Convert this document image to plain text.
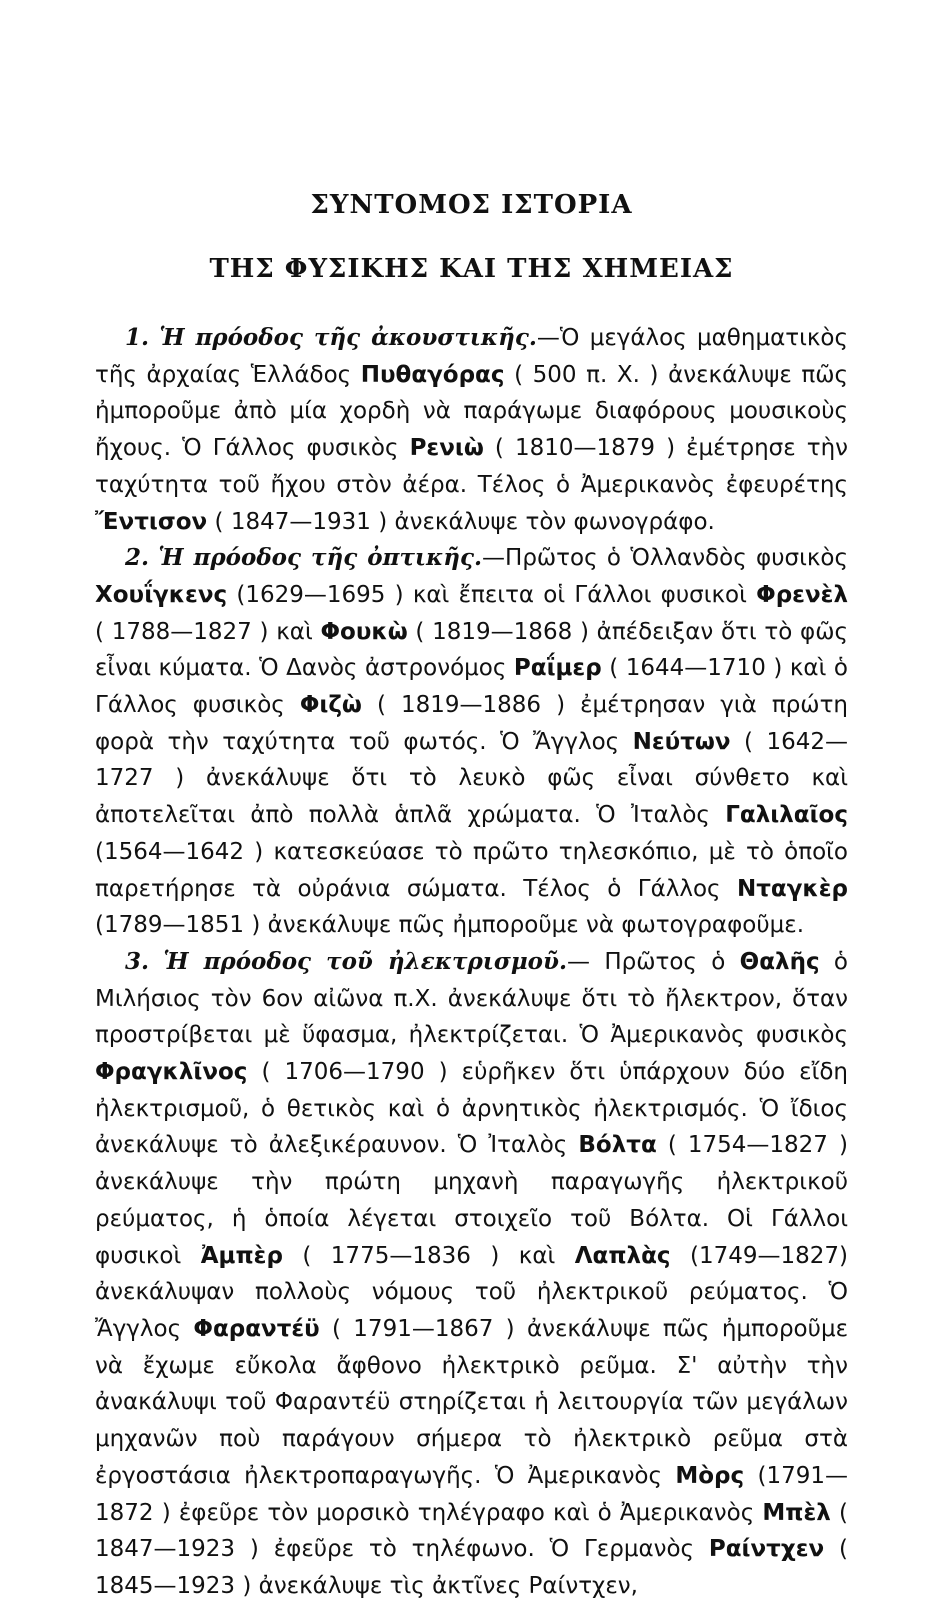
ΣΥΝΤΟΜΟΣ ΙΣΤΟΡΙΑ
ΤΗΣ ΦΥΣΙΚΗΣ ΚΑΙ ΤΗΣ ΧΗΜΕΙΑΣ

1. Ἡ πρόοδος τῆς ἀκουστικῆς.—Ὁ μεγάλος μαθηματικὸς τῆς ἀρχαίας Ἑλλάδος Πυθαγόρας ( 500 π. Χ. ) ἀνεκάλυψε πῶς ἠμποροῦμε ἀπὸ μία χορδὴ νὰ παράγωμε διαφόρους μουσικοὺς ἤχους. Ὁ Γάλλος φυσικὸς Ρενιὼ ( 1810—1879 ) ἐμέτρησε τὴν ταχύτητα τοῦ ἤχου στὸν ἀέρα. Τέλος ὁ Ἀμερικανὸς ἐφευρέτης Ἔντισον ( 1847—1931 ) ἀνεκάλυψε τὸν φωνογράφο.

2. Ἡ πρόοδος τῆς ὀπτικῆς.—Πρῶτος ὁ Ὁλλανδὸς φυσικὸς Χουΐγκενς (1629—1695 ) καὶ ἔπειτα οἱ Γάλλοι φυσικοὶ Φρενὲλ ( 1788—1827 ) καὶ Φουκὼ ( 1819—1868 ) ἀπέδειξαν ὅτι τὸ φῶς εἶναι κύματα. Ὁ Δανὸς ἀστρονόμος Ραΐμερ ( 1644—1710 ) καὶ ὁ Γάλλος φυσικὸς Φιζὼ ( 1819—1886 ) ἐμέτρησαν γιὰ πρώτη φορὰ τὴν ταχύτητα τοῦ φωτός. Ὁ Ἄγγλος Νεύτων ( 1642—1727 ) ἀνεκάλυψε ὅτι τὸ λευκὸ φῶς εἶναι σύνθετο καὶ ἀποτελεῖται ἀπὸ πολλὰ ἁπλᾶ χρώματα. Ὁ Ἰταλὸς Γαλιλαῖος (1564—1642 ) κατεσκεύασε τὸ πρῶτο τηλεσκόπιο, μὲ τὸ ὁποῖο παρετήρησε τὰ οὐράνια σώματα. Τέλος ὁ Γάλλος Νταγκὲρ (1789—1851 ) ἀνεκάλυψε πῶς ἠμποροῦμε νὰ φωτογραφοῦμε.

3. Ἡ πρόοδος τοῦ ἠλεκτρισμοῦ.— Πρῶτος ὁ Θαλῆς ὁ Μιλήσιος τὸν 6ον αἰῶνα π.Χ. ἀνεκάλυψε ὅτι τὸ ἤλεκτρον, ὅταν προστρίβεται μὲ ὕφασμα, ἠλεκτρίζεται. Ὁ Ἀμερικανὸς φυσικὸς Φραγκλῖνος ( 1706—1790 ) εὑρῆκεν ὅτι ὑπάρχουν δύο εἴδη ἠλεκτρισμοῦ, ὁ θετικὸς καὶ ὁ ἀρνητικὸς ἠλεκτρισμός. Ὁ ἴδιος ἀνεκάλυψε τὸ ἀλεξικέραυνον. Ὁ Ἰταλὸς Βόλτα ( 1754—1827 ) ἀνεκάλυψε τὴν πρώτη μηχανὴ παραγωγῆς ἠλεκτρικοῦ ρεύματος, ἡ ὁποία λέγεται στοιχεῖο τοῦ Βόλτα. Οἱ Γάλλοι φυσικοὶ Ἀμπὲρ ( 1775—1836 ) καὶ Λαπλὰς (1749—1827) ἀνεκάλυψαν πολλοὺς νόμους τοῦ ἠλεκτρικοῦ ρεύματος. Ὁ Ἄγγλος Φαραντέϋ ( 1791—1867 ) ἀνεκάλυψε πῶς ἠμποροῦμε νὰ ἔχωμε εὔκολα ἄφθονο ἠλεκτρικὸ ρεῦμα. Σ' αὐτὴν τὴν ἀνακάλυψι τοῦ Φαραντέϋ στηρίζεται ἡ λειτουργία τῶν μεγάλων μηχανῶν ποὺ παράγουν σήμερα τὸ ἠλεκτρικὸ ρεῦμα στὰ ἐργοστάσια ἠλεκτροπαραγωγῆς. Ὁ Ἀμερικανὸς Μὸρς (1791—1872 ) ἐφεῦρε τὸν μορσικὸ τηλέγραφο καὶ ὁ Ἀμερικανὸς Μπὲλ ( 1847—1923 ) ἐφεῦρε τὸ τηλέφωνο. Ὁ Γερμανὸς Ραίντχεν ( 1845—1923 ) ἀνεκάλυψε τὶς ἀκτῖνες Ραίντχεν,
